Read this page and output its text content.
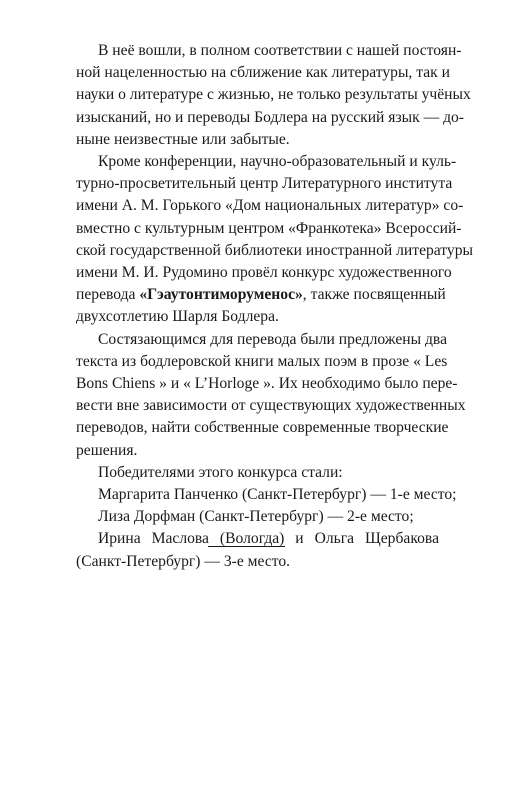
В неё вошли, в полном соответствии с нашей постоян-
ной нацеленностью на сближение как литературы, так и
науки о литературе с жизнью, не только результаты учёных
изысканий, но и переводы Бодлера на русский язык — до-
ныне неизвестные или забытые.
Кроме конференции, научно-образовательный и куль-
турно-просветительный центр Литературного института
имени А. М. Горького «Дом национальных литератур» со-
вместно с культурным центром «Франкотека» Всероссий-
ской государственной библиотеки иностранной литературы
имени М. И. Рудомино провёл конкурс художественного
перевода «Гэаутонтиморуменос», также посвященный
двухсотлетию Шарля Бодлера.
Состязающимся для перевода были предложены два
текста из бодлеровской книги малых поэм в прозе « Les
Bons Chiens » и « L’Horloge ». Их необходимо было пере-
вести вне зависимости от существующих художественных
переводов, найти собственные современные творческие
решения.
Победителями этого конкурса стали:
Маргарита Панченко (Санкт-Петербург) — 1-е место;
Лиза Дорфман (Санкт-Петербург) — 2-е место;
Ирина Маслова (Вологда) и Ольга Щербакова
(Санкт-Петербург) — 3-е место.
